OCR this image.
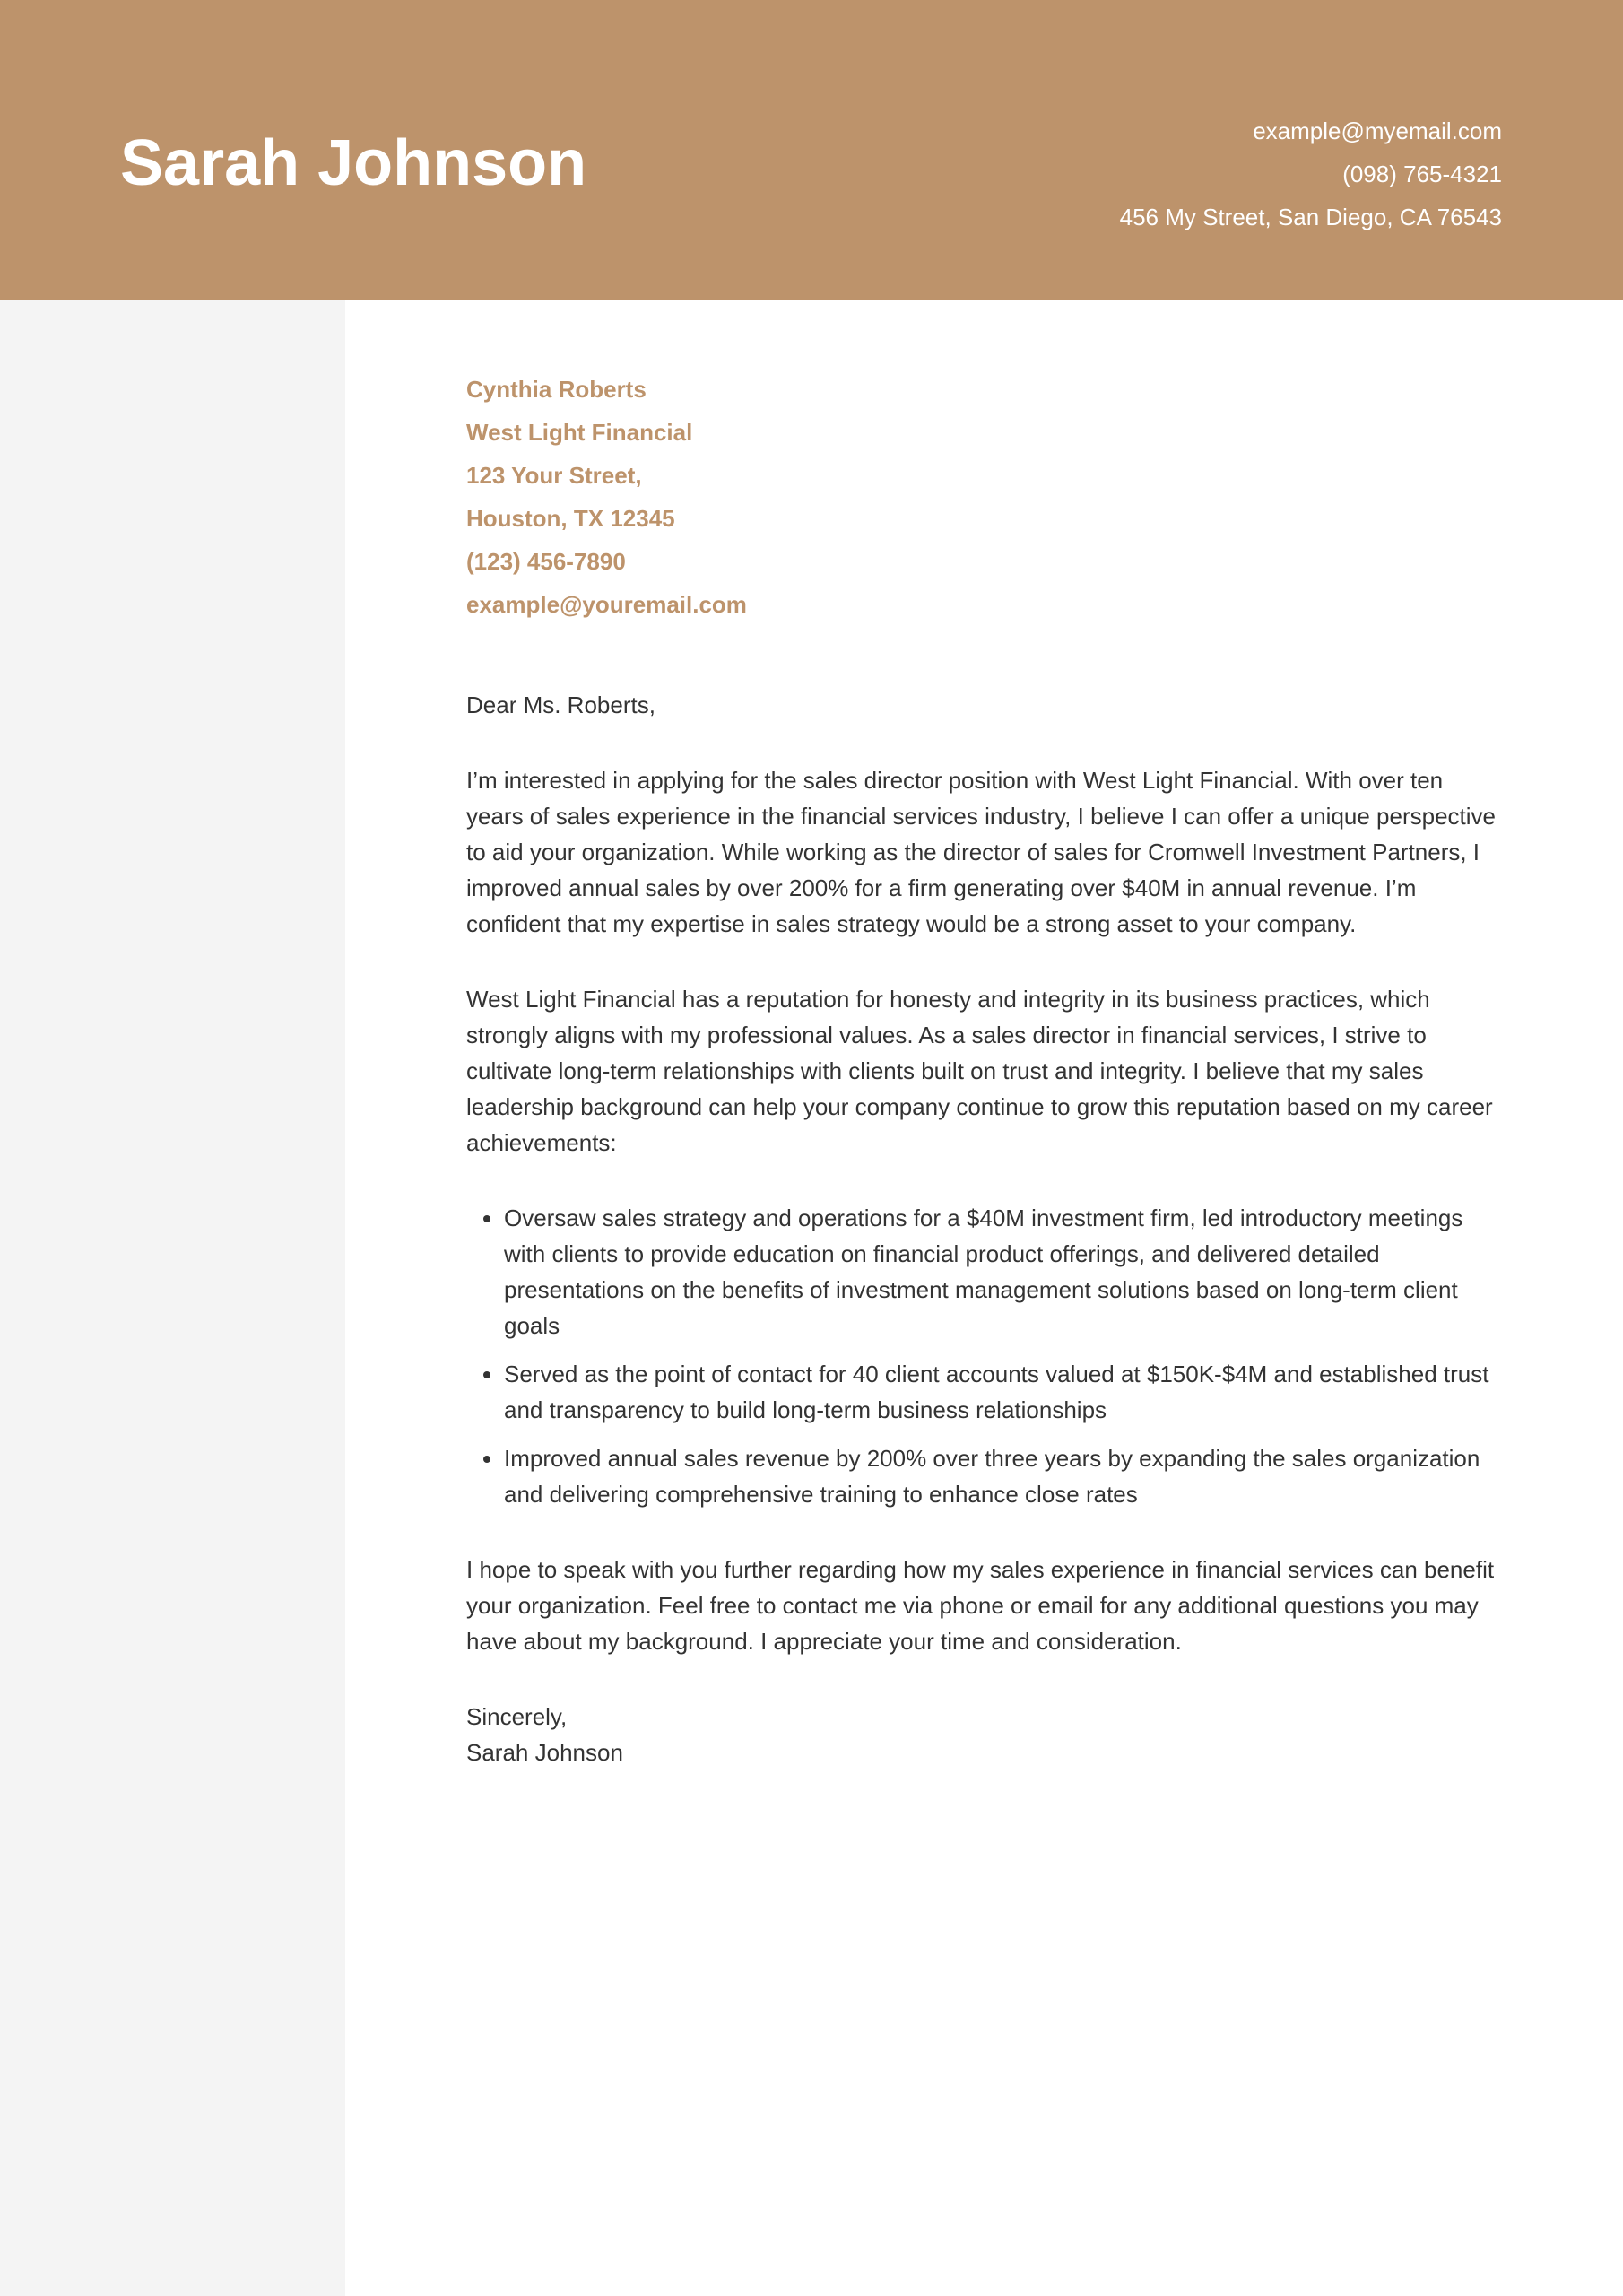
Sarah Johnson	example@myemail.com
(098) 765-4321
456 My Street, San Diego, CA 76543
Cynthia Roberts
West Light Financial
123 Your Street,
Houston, TX 12345
(123) 456-7890
example@youremail.com
Dear Ms. Roberts,

I’m interested in applying for the sales director position with West Light Financial. With over ten years of sales experience in the financial services industry, I believe I can offer a unique perspective to aid your organization. While working as the director of sales for Cromwell Investment Partners, I improved annual sales by over 200% for a firm generating over $40M in annual revenue. I’m confident that my expertise in sales strategy would be a strong asset to your company.

West Light Financial has a reputation for honesty and integrity in its business practices, which strongly aligns with my professional values. As a sales director in financial services, I strive to cultivate long-term relationships with clients built on trust and integrity. I believe that my sales leadership background can help your company continue to grow this reputation based on my career achievements:

• Oversaw sales strategy and operations for a $40M investment firm, led introductory meetings with clients to provide education on financial product offerings, and delivered detailed presentations on the benefits of investment management solutions based on long-term client goals
• Served as the point of contact for 40 client accounts valued at $150K-$4M and established trust and transparency to build long-term business relationships
• Improved annual sales revenue by 200% over three years by expanding the sales organization and delivering comprehensive training to enhance close rates

I hope to speak with you further regarding how my sales experience in financial services can benefit your organization. Feel free to contact me via phone or email for any additional questions you may have about my background. I appreciate your time and consideration.

Sincerely,
Sarah Johnson
